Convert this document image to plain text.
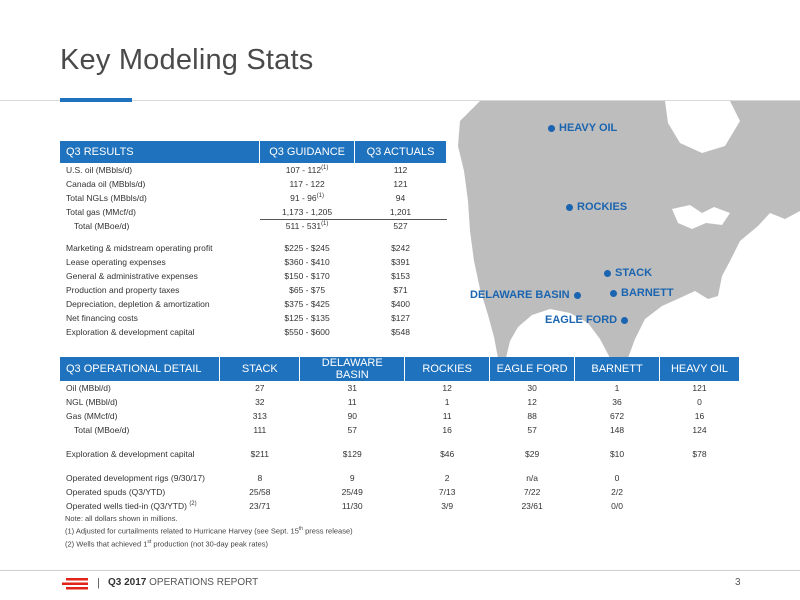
Key Modeling Stats
HEAVY OIL
ROCKIES
STACK
DELAWARE BASIN	BARNETT
EAGLE FORD
Q3 RESULTS	Q3 GUIDANCE	Q3 ACTUALS
U.S. oil (MBbls/d)	107 - 112$^{(1)}$	112
Canada oil (MBbls/d)	117 - 122	121
Total NGLs (MBbls/d)	91 - 96$^{(1)}$	94
Total gas (MMcf/d)	1,173 - 1,205	1,201
Total (MBoe/d)	511 - 531$^{(1)}$	527

Marketing & midstream operating profit	$225 - $245	$242
Lease operating expenses	$360 - $410	$391
General & administrative expenses	$150 - $170	$153
Production and property taxes	$65 - $75	$71
Depreciation, depletion & amortization	$375 - $425	$400
Net financing costs	$125 - $135	$127
Exploration & development capital	$550 - $600	$548
Q3 OPERATIONAL DETAIL	STACK	DELAWARE BASIN	ROCKIES	EAGLE FORD	BARNETT	HEAVY OIL
Oil (MBbl/d)	27	31	12	30	1	121
NGL (MBbl/d)	32	11	1	12	36	0
Gas (MMcf/d)	313	90	11	88	672	16
Total (MBoe/d)	111	57	16	57	148	124

Exploration & development capital	$211	$129	$46	$29	$10	$78

Operated development rigs (9/30/17)	8	9	2	n/a	0	
Operated spuds (Q3/YTD)	25/58	25/49	7/13	7/22	2/2	
Operated wells tied-in (Q3/YTD) $^{(2)}$	23/71	11/30	3/9	23/61	0/0	
Note: all dollars shown in millions.
(1) Adjusted for curtailments related to Hurricane Harvey (see Sept. 15th press release)
(2) Wells that achieved 1st production (not 30-day peak rates)
| Q3 2017 OPERATIONS REPORT	3
